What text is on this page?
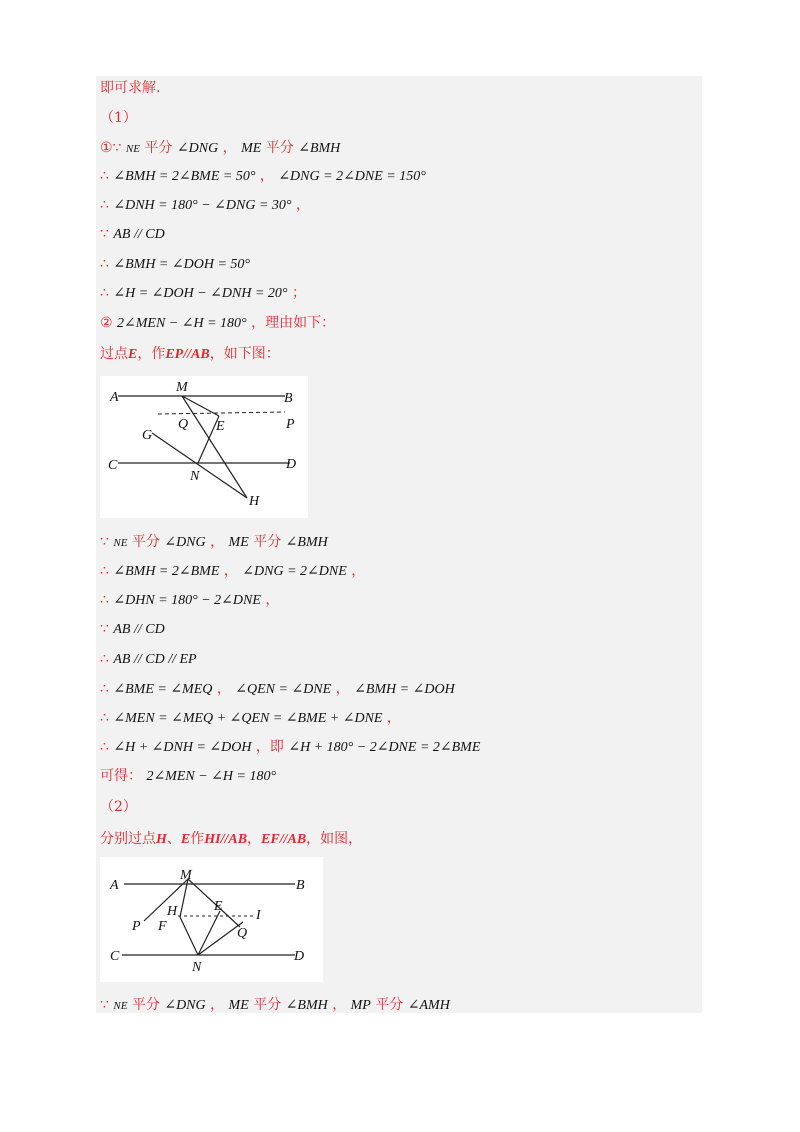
即可求解.
（1）
①∵ NE 平分 ∠DNG ， ME 平分 ∠BMH
∴ ∠BMH = 2∠BME = 50° ， ∠DNG = 2∠DNE = 150°
∴ ∠DNH = 180° − ∠DNG = 30° ，
∵ AB // CD
∴ ∠BMH = ∠DOH = 50°
∴ ∠H = ∠DOH − ∠DNH = 20° ；
② 2∠MEN − ∠H = 180° ，理由如下：
过点E，作EP//AB，如下图：
A	B
M
Q E	P
G
C	D
N
H
∵ NE 平分 ∠DNG ， ME 平分 ∠BMH
∴ ∠BMH = 2∠BME ， ∠DNG = 2∠DNE ，
∴ ∠DHN = 180° − 2∠DNE ，
∵ AB // CD
∴ AB // CD // EP
∴ ∠BME = ∠MEQ ， ∠QEN = ∠DNE ， ∠BMH = ∠DOH
∴ ∠MEN = ∠MEQ + ∠QEN = ∠BME + ∠DNE ，
∴ ∠H + ∠DNH = ∠DOH ，即 ∠H + 180° − 2∠DNE = 2∠BME
可得： 2∠MEN − ∠H = 180°
（2）
分别过点H、E作HI//AB，EF//AB，如图，
A
M
B
P
H	E
I
F	Q
C
N
D
∵ NE 平分 ∠DNG ， ME 平分 ∠BMH ， MP 平分 ∠AMH
